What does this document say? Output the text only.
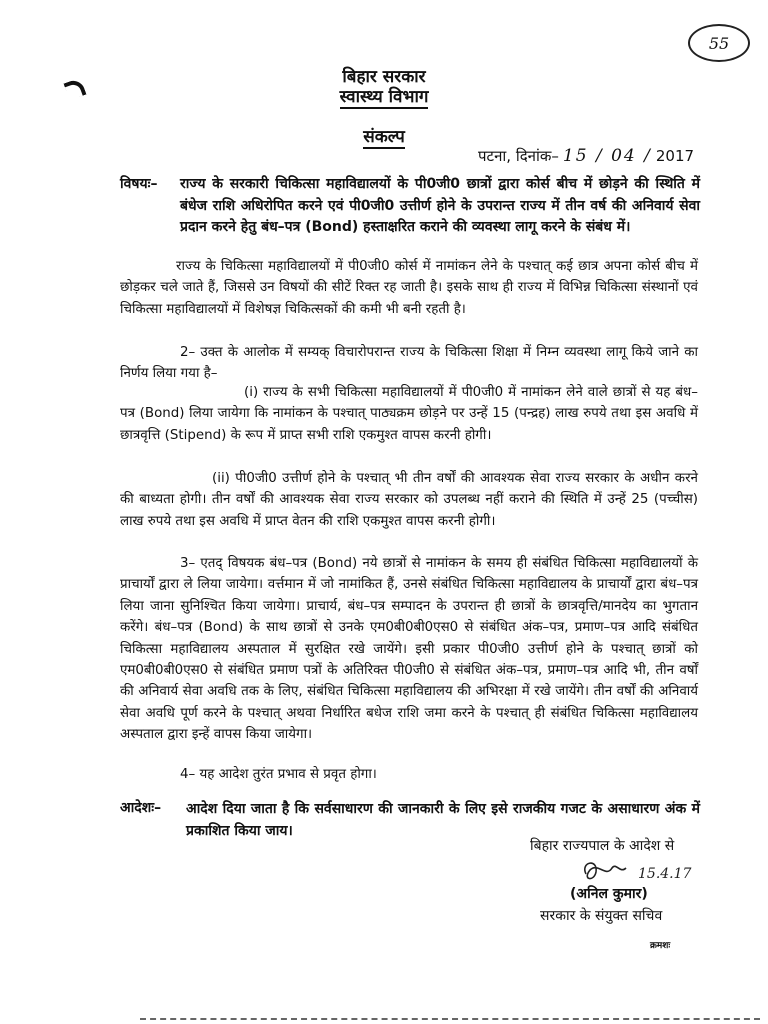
55
बिहार सरकार
स्वास्थ्य विभाग
संकल्प
पटना, दिनांक– 15 / 04 / 2017
विषयः– राज्य के सरकारी चिकित्सा महाविद्यालयों के पी0जी0 छात्रों द्वारा कोर्स बीच में छोड़ने की स्थिति में बंधेज राशि अधिरोपित करने एवं पी0जी0 उत्तीर्ण होने के उपरान्त राज्य में तीन वर्ष की अनिवार्य सेवा प्रदान करने हेतु बंध–पत्र (Bond) हस्ताक्षरित कराने की व्यवस्था लागू करने के संबंध में।
राज्य के चिकित्सा महाविद्यालयों में पी0जी0 कोर्स में नामांकन लेने के पश्चात् कई छात्र अपना कोर्स बीच में छोड़कर चले जाते हैं, जिससे उन विषयों की सीटें रिक्त रह जाती है। इसके साथ ही राज्य में विभिन्न चिकित्सा संस्थानों एवं चिकित्सा महाविद्यालयों में विशेषज्ञ चिकित्सकों की कमी भी बनी रहती है।
2– उक्त के आलोक में सम्यक् विचारोपरान्त राज्य के चिकित्सा शिक्षा में निम्न व्यवस्था लागू किये जाने का निर्णय लिया गया है–
(i) राज्य के सभी चिकित्सा महाविद्यालयों में पी0जी0 में नामांकन लेने वाले छात्रों से यह बंध–पत्र (Bond) लिया जायेगा कि नामांकन के पश्चात् पाठ्यक्रम छोड़ने पर उन्हें 15 (पन्द्रह) लाख रुपये तथा इस अवधि में छात्रवृत्ति (Stipend) के रूप में प्राप्त सभी राशि एकमुश्त वापस करनी होगी।
(ii) पी0जी0 उत्तीर्ण होने के पश्चात् भी तीन वर्षों की आवश्यक सेवा राज्य सरकार के अधीन करने की बाध्यता होगी। तीन वर्षों की आवश्यक सेवा राज्य सरकार को उपलब्ध नहीं कराने की स्थिति में उन्हें 25 (पच्चीस) लाख रुपये तथा इस अवधि में प्राप्त वेतन की राशि एकमुश्त वापस करनी होगी।
3– एतद् विषयक बंध–पत्र (Bond) नये छात्रों से नामांकन के समय ही संबंधित चिकित्सा महाविद्यालयों के प्राचार्यों द्वारा ले लिया जायेगा। वर्त्तमान में जो नामांकित हैं, उनसे संबंधित चिकित्सा महाविद्यालय के प्राचार्यों द्वारा बंध–पत्र लिया जाना सुनिश्चित किया जायेगा। प्राचार्य, बंध–पत्र सम्पादन के उपरान्त ही छात्रों के छात्रवृत्ति/मानदेय का भुगतान करेंगे। बंध–पत्र (Bond) के साथ छात्रों से उनके एम0बी0बी0एस0 से संबंधित अंक–पत्र, प्रमाण–पत्र आदि संबंधित चिकित्सा महाविद्यालय अस्पताल में सुरक्षित रखे जायेंगे। इसी प्रकार पी0जी0 उत्तीर्ण होने के पश्चात् छात्रों को एम0बी0बी0एस0 से संबंधित प्रमाण पत्रों के अतिरिक्त पी0जी0 से संबंधित अंक–पत्र, प्रमाण–पत्र आदि भी, तीन वर्षों की अनिवार्य सेवा अवधि तक के लिए, संबंधित चिकित्सा महाविद्यालय की अभिरक्षा में रखे जायेंगे। तीन वर्षों की अनिवार्य सेवा अवधि पूर्ण करने के पश्चात् अथवा निर्धारित बधेज राशि जमा करने के पश्चात् ही संबंधित चिकित्सा महाविद्यालय अस्पताल द्वारा इन्हें वापस किया जायेगा।
4– यह आदेश तुरंत प्रभाव से प्रवृत होगा।
आदेशः– आदेश दिया जाता है कि सर्वसाधारण की जानकारी के लिए इसे राजकीय गजट के असाधारण अंक में प्रकाशित किया जाय।
बिहार राज्यपाल के आदेश से
15.4.17
(अनिल कुमार)
सरकार के संयुक्त सचिव
क्रमशः
